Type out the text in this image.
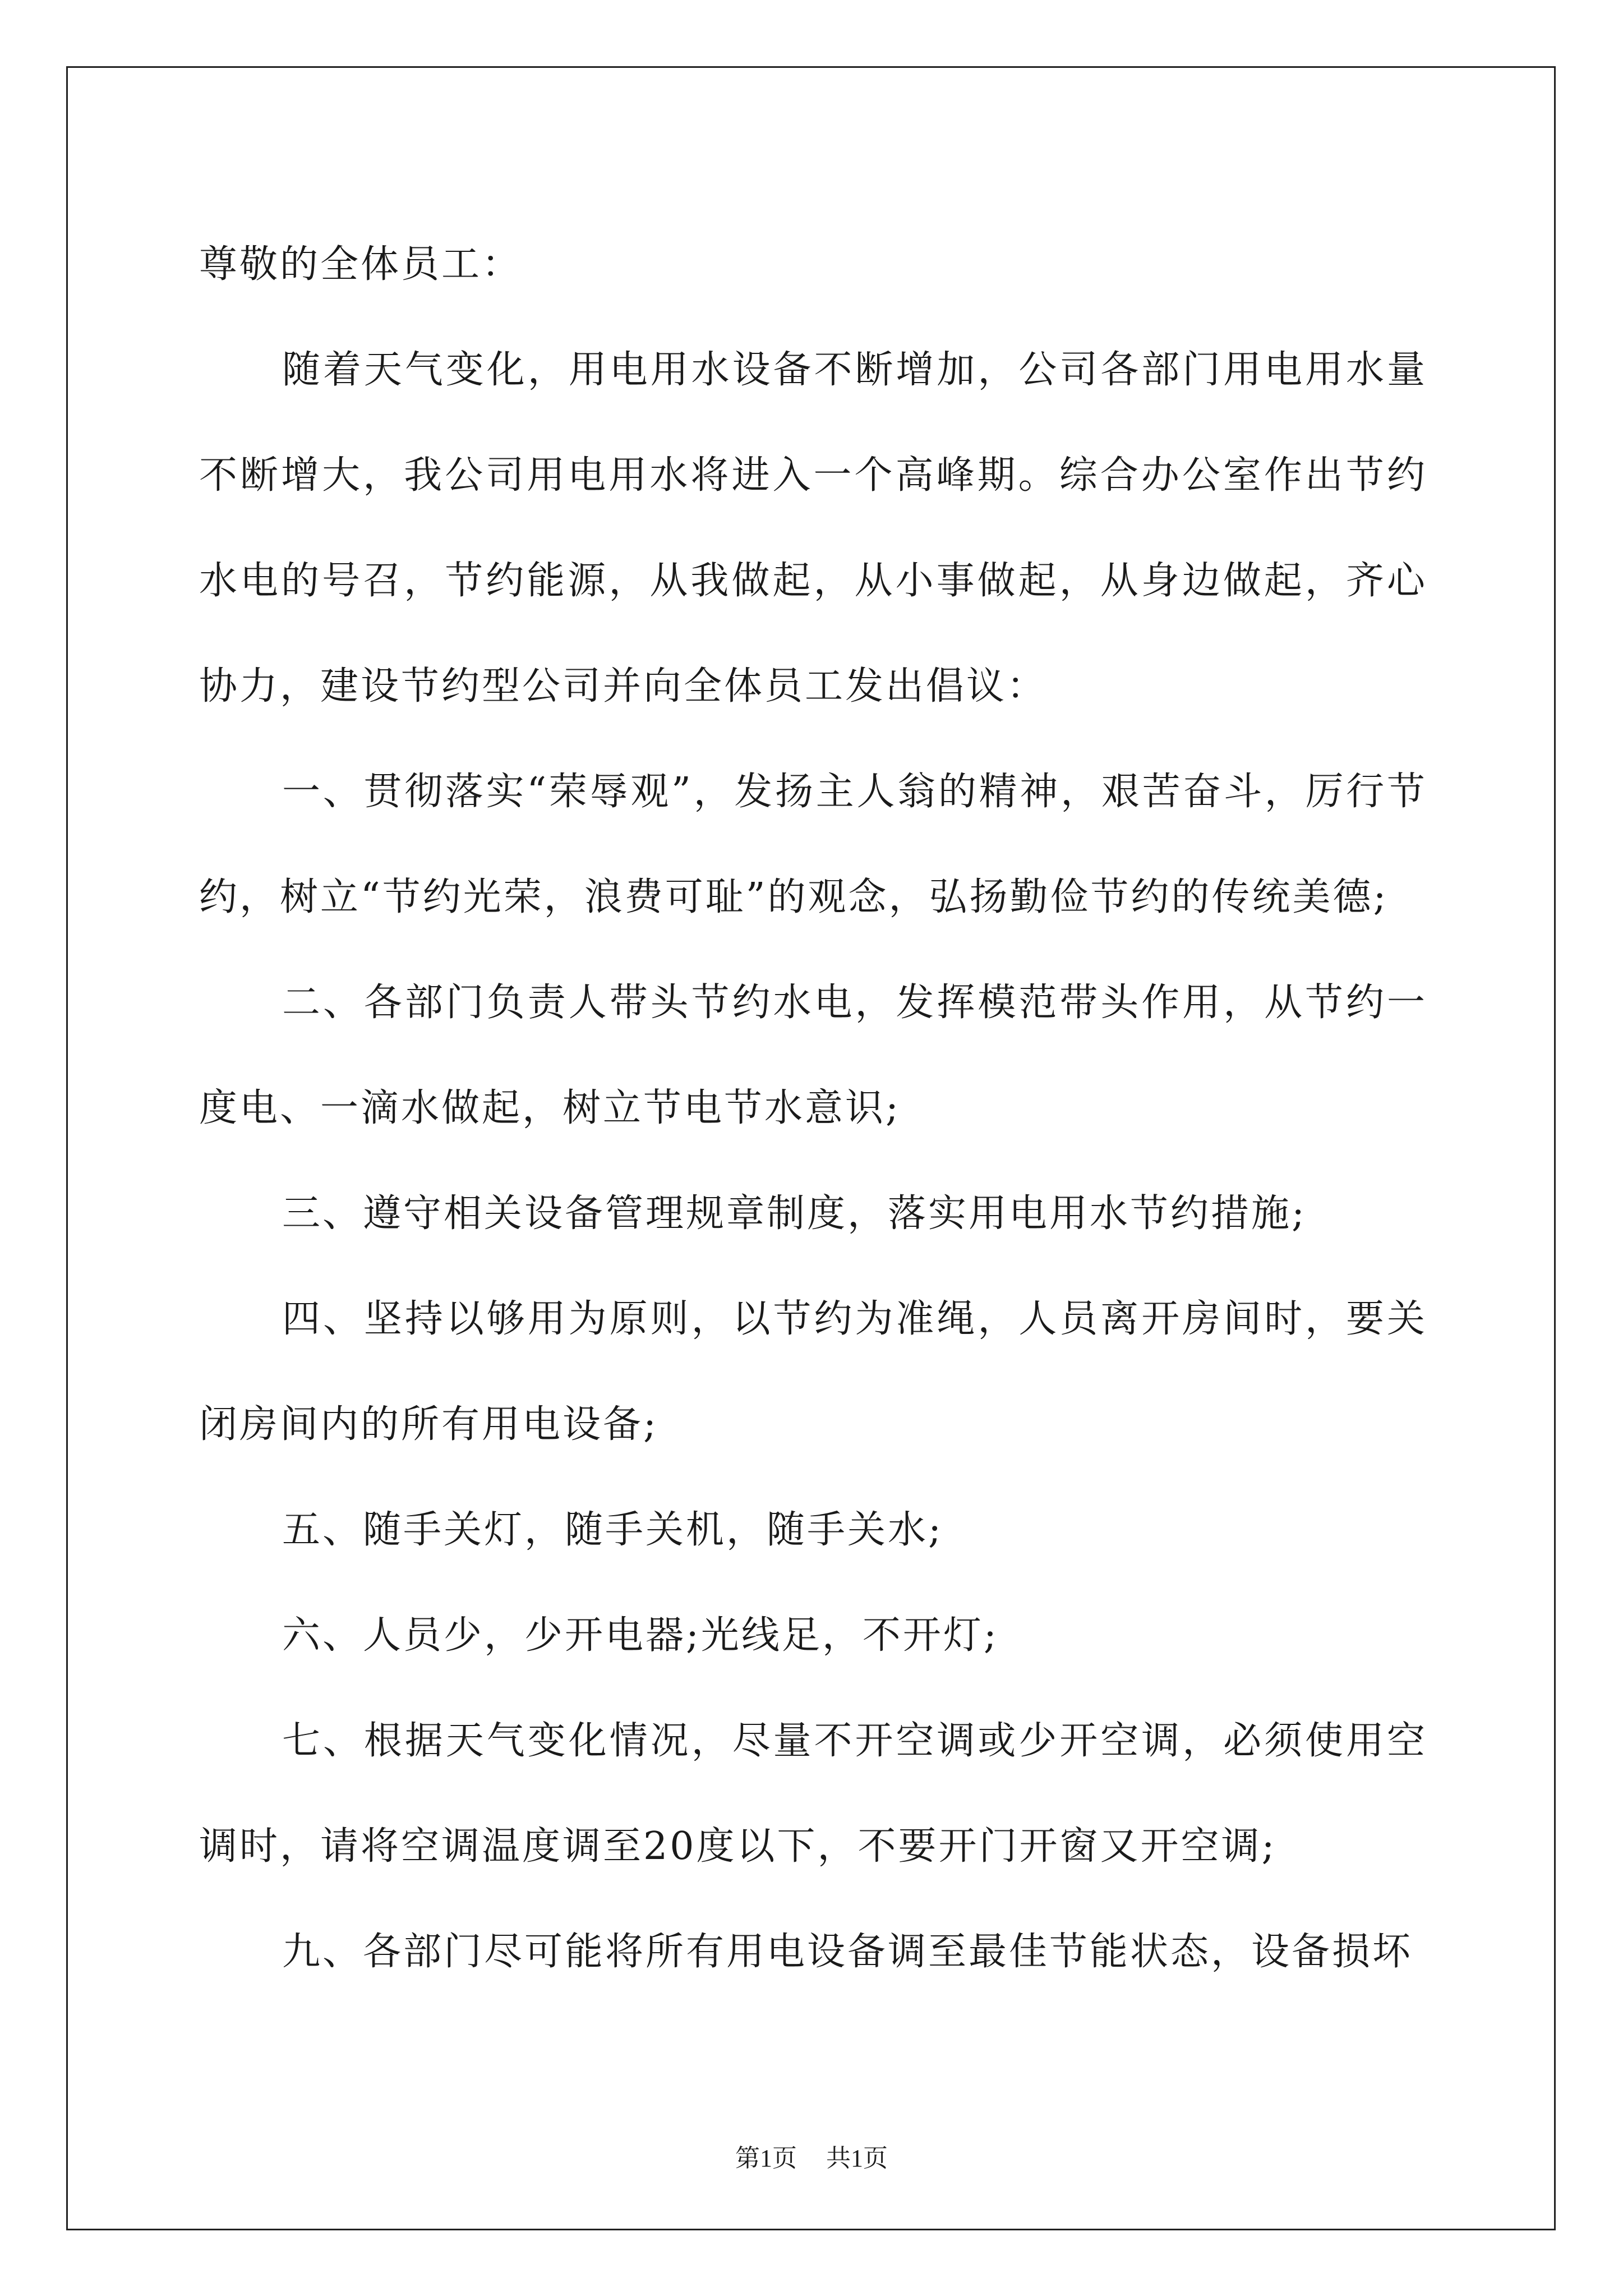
尊敬的全体员工：

随着天气变化，用电用水设备不断增加，公司各部门用电用水量不断增大，我公司用电用水将进入一个高峰期。综合办公室作出节约水电的号召，节约能源，从我做起，从小事做起，从身边做起，齐心协力，建设节约型公司并向全体员工发出倡议：

一、贯彻落实“荣辱观”，发扬主人翁的精神，艰苦奋斗，厉行节约，树立“节约光荣，浪费可耻”的观念，弘扬勤俭节约的传统美德;

二、各部门负责人带头节约水电，发挥模范带头作用，从节约一度电、一滴水做起，树立节电节水意识;

三、遵守相关设备管理规章制度，落实用电用水节约措施;

四、坚持以够用为原则，以节约为准绳，人员离开房间时，要关闭房间内的所有用电设备;

五、随手关灯，随手关机，随手关水;

六、人员少，少开电器;光线足，不开灯;

七、根据天气变化情况，尽量不开空调或少开空调，必须使用空调时，请将空调温度调至20度以下，不要开门开窗又开空调;

九、各部门尽可能将所有用电设备调至最佳节能状态，设备损坏

第1页 共1页
